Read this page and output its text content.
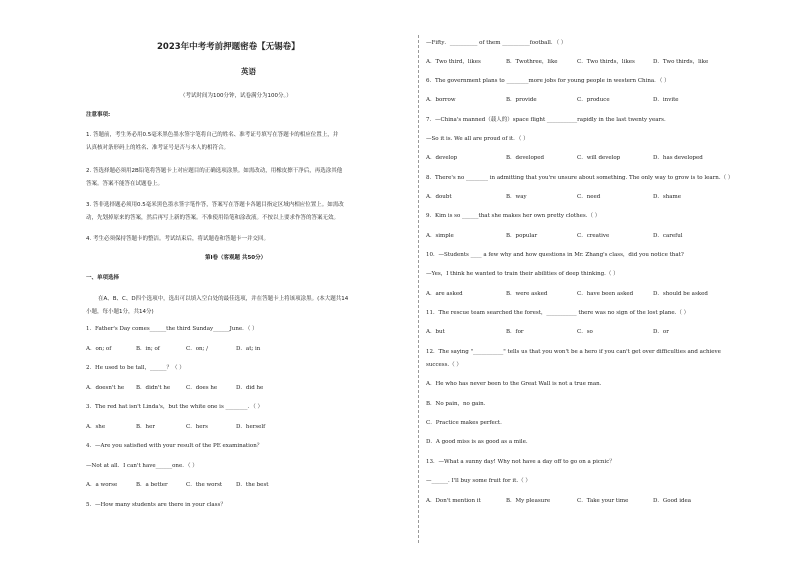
2023年中考考前押题密卷【无锡卷】
英语
（考试时间为100分钟，试卷满分为100分。）
注意事项:
1. 答题前，考生务必用0.5毫米黑色墨水签字笔将自己的姓名、准考证号填写在答题卡的相应位置上，并
认真核对条形码上的姓名、准考证号是否与本人的相符合。
2. 答选择题必须用2B铅笔将答题卡上对应题目的正确选项涂黑。如需改动，用橡皮擦干净后，再选涂其他
答案。答案不能答在试题卷上。
3. 答非选择题必须用0.5毫米黑色墨水签字笔作答，答案写在答题卡各题目指定区域内相应位置上。如需改
动，先划掉原来的答案，然后再写上新的答案。不准使用铅笔和涂改液。不按以上要求作答的答案无效。
4. 考生必须保持答题卡的整洁。考试结束后，将试题卷和答题卡一并交回。
第I卷（客观题 共50分）
一、单项选择
在A、B、C、D四个选项中，选出可以填入空白处的最佳选项，并在答题卡上将该项涂黑。(本大题共14
小题，每小题1分，共14分)
1．Father's Day comes______the third Sunday______June．（ ）
A．on; of	B．in; of	C．on; /	D．at; in
2．He used to be tall，______？（ ）
A．doesn't he	B．didn't he	C．does he	D．did he
3．The red hat isn't Linda's，but the white one is ________．（ ）
A．she	B．her	C．hers	D．herself
4．—Are you satisfied with your result of the PE examination？
—Not at all．I can't have______one．（ ）
A．a worse	B．a better	C．the worst	D．the best
5．—How many students are there in your class？
—Fifty．__________ of them __________football．（ ）
A．Two third，likes	B．Twothree，like	C．Two thirds，likes	D．Two thirds，like
6．The government plans to ________more jobs for young people in western China．（ ）
A．borrow	B．provide	C．produce	D．invite
7．—China's manned（载人的）space flight ___________rapidly in the last twenty years.
—So it is. We all are proud of it．（ ）
A．develop	B．developed	C．will develop	D．has developed
8．There's no ________ in admitting that you're unsure about something. The only way to grow is to learn.（ ）
A．doubt	B．way	C．need	D．shame
9．Kim is so ______that she makes her own pretty clothes.（ ）
A．simple	B．popular	C．creative	D．careful
10．—Students ____ a few why and how questions in Mr. Zhang's class，did you notice that?
—Yes，I think he wanted to train their abilities of deep thinking.（ ）
A．are asked	B．were asked	C．have been asked	D．should be asked
11．The rescue team searched the forest，___________ there was no sign of the lost plane.（ ）
A．but	B．for	C．so	D．or
12．The saying "___________" tells us that you won't be a hero if you can't get over difficulties and achieve
success.（ ）
A．He who has never been to the Great Wall is not a true man.
B．No pain，no gain.
C．Practice makes perfect.
D．A good miss is as good as a mile.
13．—What a sunny day! Why not have a day off to go on a picnic？
—______. I'll buy some fruit for it.（ ）
A．Don't mention it	B．My pleasure	C．Take your time	D．Good idea
